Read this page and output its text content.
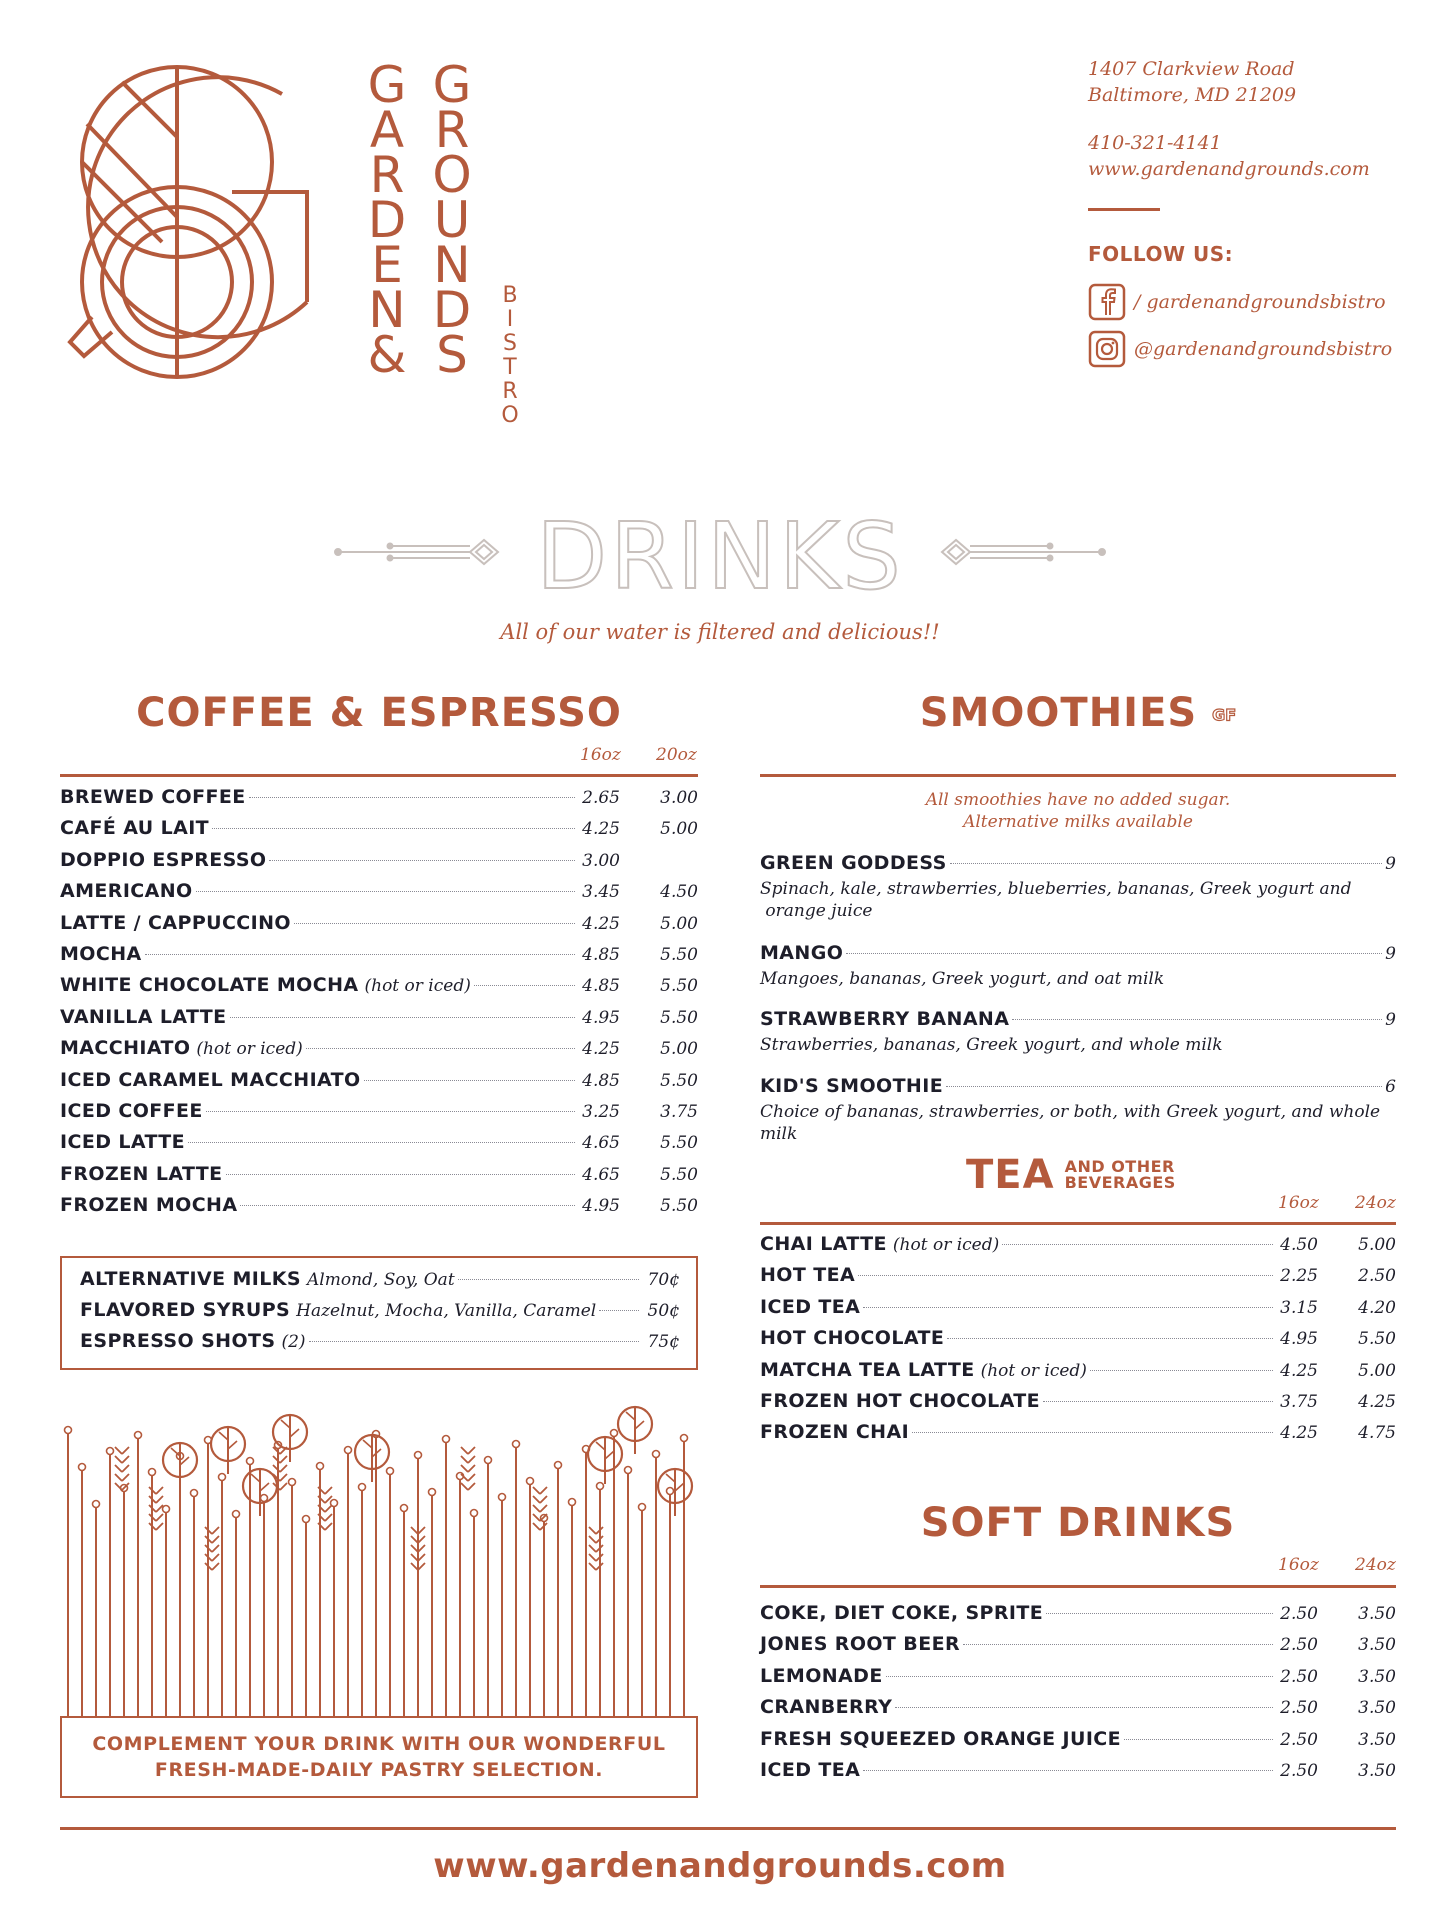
G
A
R
D
E
N
&
G
R
O
U
N
D
S
B
I
S
T
R
O
1407 Clarkview Road
Baltimore, MD 21209
410-321-4141
www.gardenandgrounds.com
FOLLOW US:
/ gardenandgroundsbistro
@gardenandgroundsbistro
DRINKS
All of our water is filtered and delicious!!
COFFEE & ESPRESSO
16oz 20oz
BREWED COFFEE	2.65	3.00
CAFÉ AU LAIT	4.25	5.00
DOPPIO ESPRESSO	3.00
AMERICANO	3.45	4.50
LATTE / CAPPUCCINO	4.25	5.00
MOCHA	4.85	5.50
WHITE CHOCOLATE MOCHA (hot or iced)	4.85	5.50
VANILLA LATTE	4.95	5.50
MACCHIATO (hot or iced)	4.25	5.00
ICED CARAMEL MACCHIATO	4.85	5.50
ICED COFFEE	3.25	3.75
ICED LATTE	4.65	5.50
FROZEN LATTE	4.65	5.50
FROZEN MOCHA	4.95	5.50
ALTERNATIVE MILKS Almond, Soy, Oat	70¢
FLAVORED SYRUPS Hazelnut, Mocha, Vanilla, Caramel	50¢
ESPRESSO SHOTS (2)	75¢
COMPLEMENT YOUR DRINK WITH OUR WONDERFUL
FRESH-MADE-DAILY PASTRY SELECTION.
SMOOTHIES GF
All smoothies have no added sugar.
Alternative milks available
GREEN GODDESS	9
Spinach, kale, strawberries, blueberries, bananas, Greek yogurt and
orange juice
MANGO	9
Mangoes, bananas, Greek yogurt, and oat milk
STRAWBERRY BANANA	9
Strawberries, bananas, Greek yogurt, and whole milk
KID'S SMOOTHIE	6
Choice of bananas, strawberries, or both, with Greek yogurt, and whole milk
TEA AND OTHER
BEVERAGES
16oz 24oz
CHAI LATTE (hot or iced)	4.50	5.00
HOT TEA	2.25	2.50
ICED TEA	3.15	4.20
HOT CHOCOLATE	4.95	5.50
MATCHA TEA LATTE (hot or iced)	4.25	5.00
FROZEN HOT CHOCOLATE	3.75	4.25
FROZEN CHAI	4.25	4.75
SOFT DRINKS
16oz 24oz
COKE, DIET COKE, SPRITE	2.50	3.50
JONES ROOT BEER	2.50	3.50
LEMONADE	2.50	3.50
CRANBERRY	2.50	3.50
FRESH SQUEEZED ORANGE JUICE	2.50	3.50
ICED TEA	2.50	3.50
www.gardenandgrounds.com
